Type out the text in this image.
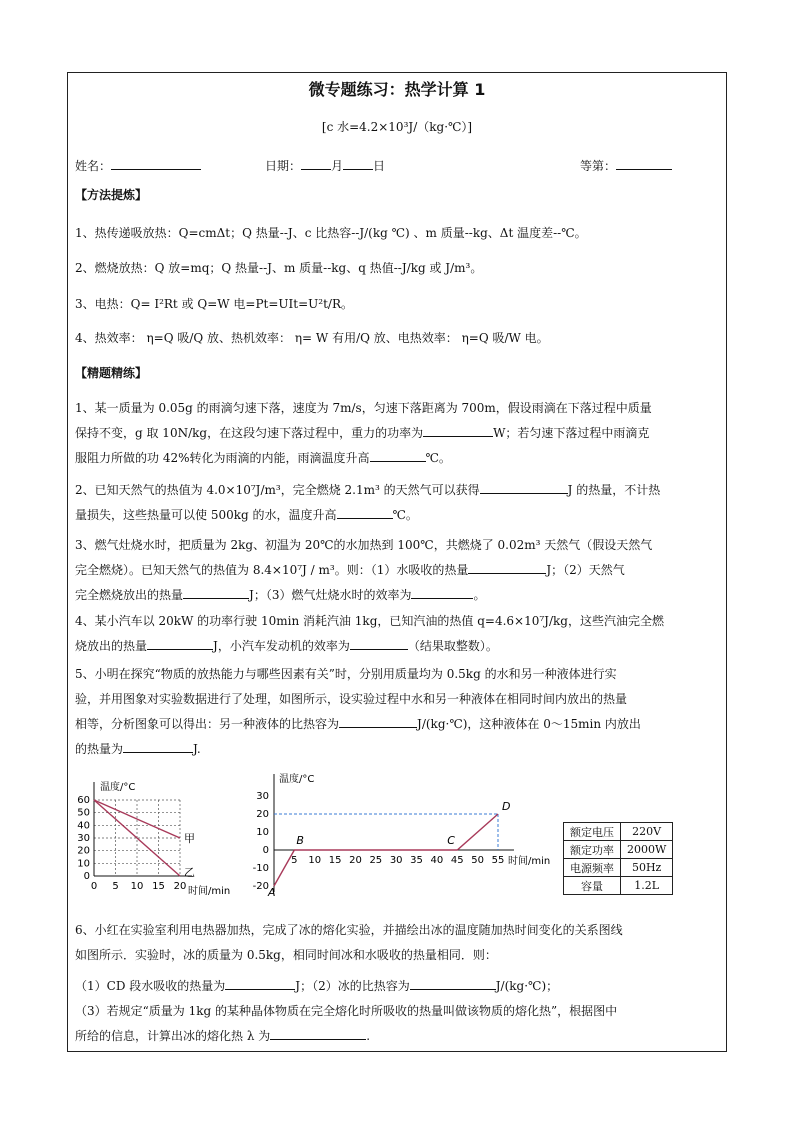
微专题练习：热学计算 1
[c 水=4.2×10³J/（kg·℃）]
姓名：	日期：	月	日	等第：
【方法提炼】
1、热传递吸放热：Q=cmΔt；Q 热量--J、c 比热容--J/(kg ℃) 、m 质量--kg、Δt 温度差--℃。
2、燃烧放热：Q 放=mq；Q 热量--J、m 质量--kg、q 热值--J/kg 或 J/m³。
3、电热：Q= I²Rt 或 Q=W 电=Pt=UIt=U²t/R。
4、热效率： η=Q 吸/Q 放、热机效率： η= W 有用/Q 放、电热效率： η=Q 吸/W 电。
【精题精练】
1、某一质量为 0.05g 的雨滴匀速下落，速度为 7m/s，匀速下落距离为 700m，假设雨滴在下落过程中质量
保持不变，g 取 10N/kg，在这段匀速下落过程中，重力的功率为	W；若匀速下落过程中雨滴克
服阻力所做的功 42%转化为雨滴的内能，雨滴温度升高	℃。
2、已知天然气的热值为 4.0×10⁷J/m³，完全燃烧 2.1m³ 的天然气可以获得	J 的热量，不计热
量损失，这些热量可以使 500kg 的水，温度升高	℃。
3、燃气灶烧水时，把质量为 2kg、初温为 20℃的水加热到 100℃，共燃烧了 0.02m³ 天然气（假设天然气
完全燃烧）。已知天然气的热值为 8.4×10⁷J / m³。则：（1）水吸收的热量	J；（2）天然气
完全燃烧放出的热量	J；（3）燃气灶烧水时的效率为	。
4、某小汽车以 20kW 的功率行驶 10min 消耗汽油 1kg，已知汽油的热值 q=4.6×10⁷J/kg，这些汽油完全燃
烧放出的热量	J，小汽车发动机的效率为	（结果取整数）。
5、小明在探究“物质的放热能力与哪些因素有关”时，分别用质量均为 0.5kg 的水和另一种液体进行实
验，并用图象对实验数据进行了处理，如图所示，设实验过程中水和另一种液体在相同时间内放出的热量
相等，分析图象可以得出：另一种液体的比热容为	J/(kg·℃)，这种液体在 0～15min 内放出
的热量为	J.
温度/°C
时间/min
0 5 10 15 20
0
10
20
30
40
50
60
甲
乙
温度/°C
时间/min
5 10 15 20 25 30 35 40 45 50 55
-20
-10
0
10
20
30
A
B	C
D
额定电压	220V
额定功率	2000W
电源频率	50Hz
容量	1.2L
6、小红在实验室利用电热器加热，完成了冰的熔化实验，并描绘出冰的温度随加热时间变化的关系图线
如图所示．实验时，冰的质量为 0.5kg，相同时间冰和水吸收的热量相同．则：
（1）CD 段水吸收的热量为	J；（2）冰的比热容为	J/(kg·℃)；
（3）若规定“质量为 1kg 的某种晶体物质在完全熔化时所吸收的热量叫做该物质的熔化热”，根据图中
所给的信息，计算出冰的熔化热 λ 为	.
